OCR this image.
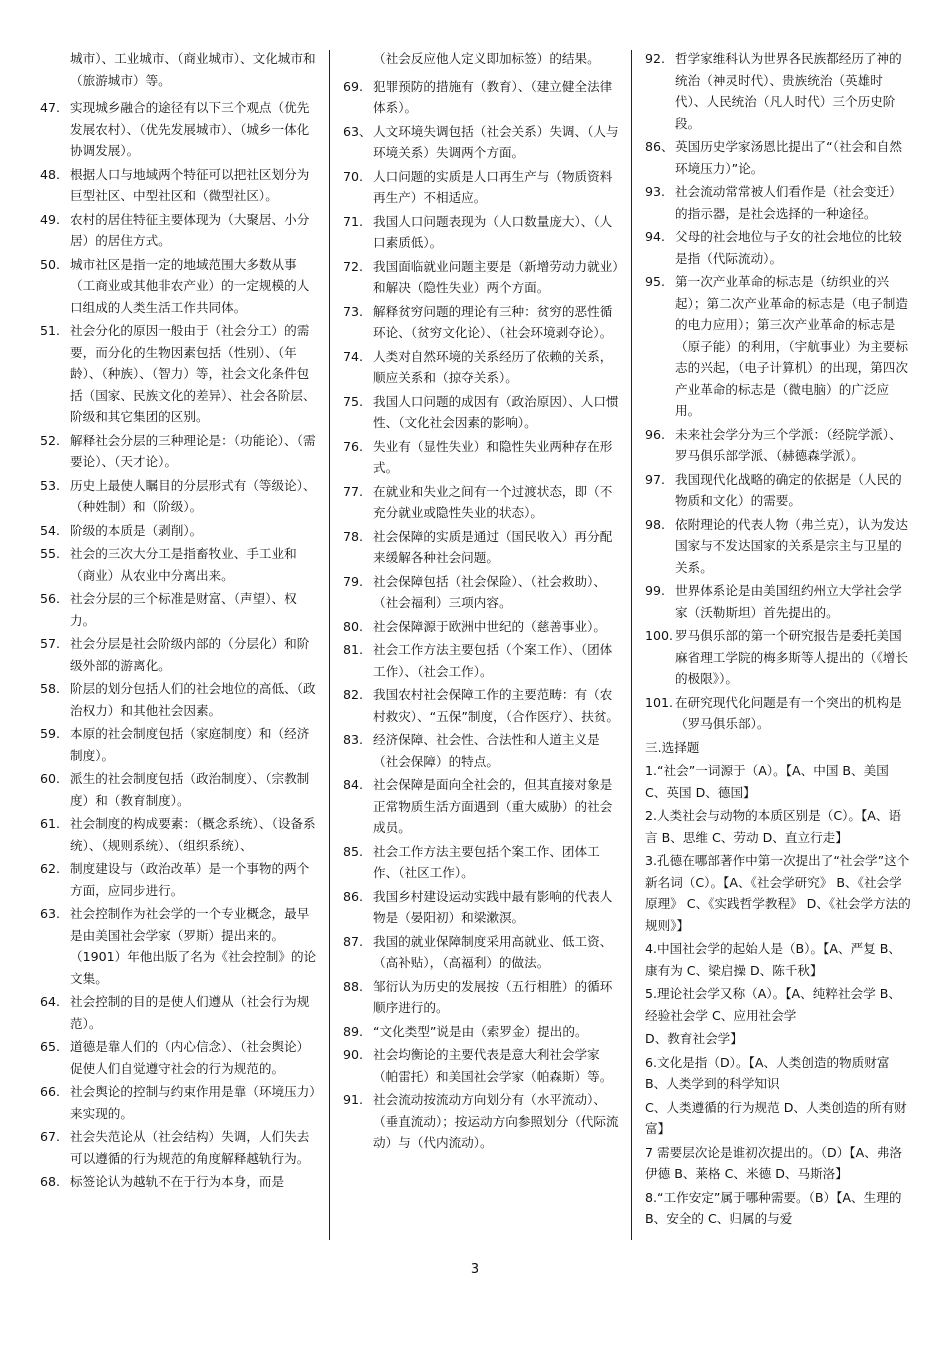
城市）、工业城市、（商业城市）、文化城市和（旅游城市）等。
47. 实现城乡融合的途径有以下三个观点（优先发展农村）、（优先发展城市）、（城乡一体化协调发展）。
48. 根据人口与地域两个特征可以把社区划分为巨型社区、中型社区和（微型社区）。
49. 农村的居住特征主要体现为（大聚居、小分居）的居住方式。
50. 城市社区是指一定的地域范围大多数从事（工商业或其他非农产业）的一定规模的人口组成的人类生活工作共同体。
51. 社会分化的原因一般由于（社会分工）的需要，而分化的生物因素包括（性别）、（年龄）、（种族）、（智力）等，社会文化条件包括（国家、民族文化的差异）、社会各阶层、阶级和其它集团的区别。
52. 解释社会分层的三种理论是：（功能论）、（需要论）、（天才论）。
53. 历史上最使人瞩目的分层形式有（等级论）、（种姓制）和（阶级）。
54. 阶级的本质是（剥削）。
55. 社会的三次大分工是指畜牧业、手工业和（商业）从农业中分离出来。
56. 社会分层的三个标准是财富、（声望）、权力。
57. 社会分层是社会阶级内部的（分层化）和阶级外部的游离化。
58. 阶层的划分包括人们的社会地位的高低、（政治权力）和其他社会因素。
59. 本原的社会制度包括（家庭制度）和（经济制度）。
60. 派生的社会制度包括（政治制度）、（宗教制度）和（教育制度）。
61. 社会制度的构成要素：（概念系统）、（设备系统）、（规则系统）、（组织系统）、
62. 制度建设与（政治改革）是一个事物的两个方面，应同步进行。
63. 社会控制作为社会学的一个专业概念，最早是由美国社会学家（罗斯）提出来的。（1901）年他出版了名为《社会控制》的论文集。
64. 社会控制的目的是使人们遵从（社会行为规范）。
65. 道德是靠人们的（内心信念）、（社会舆论）促使人们自觉遵守社会的行为规范的。
66. 社会舆论的控制与约束作用是靠（环境压力）来实现的。
67. 社会失范论从（社会结构）失调，人们失去可以遵循的行为规范的角度解释越轨行为。
68. 标签论认为越轨不在于行为本身，而是
（社会反应他人定义即加标签）的结果。
69. 犯罪预防的措施有（教育）、（建立健全法律体系）。
63、 人文环境失调包括（社会关系）失调、（人与环境关系）失调两个方面。
70. 人口问题的实质是人口再生产与（物质资料再生产）不相适应。
71. 我国人口问题表现为（人口数量庞大）、（人口素质低）。
72. 我国面临就业问题主要是（新增劳动力就业）和解决（隐性失业）两个方面。
73. 解释贫穷问题的理论有三种：贫穷的恶性循环论、（贫穷文化论）、（社会环境剥夺论）。
74. 人类对自然环境的关系经历了依赖的关系，顺应关系和（掠夺关系）。
75. 我国人口问题的成因有（政治原因）、人口惯性、（文化社会因素的影响）。
76. 失业有（显性失业）和隐性失业两种存在形式。
77. 在就业和失业之间有一个过渡状态，即（不充分就业或隐性失业的状态）。
78. 社会保障的实质是通过（国民收入）再分配来缓解各种社会问题。
79. 社会保障包括（社会保险）、（社会救助）、（社会福利）三项内容。
80. 社会保障源于欧洲中世纪的（慈善事业）。
81. 社会工作方法主要包括（个案工作）、（团体工作）、（社会工作）。
82. 我国农村社会保障工作的主要范畴：有（农村救灾）、“五保”制度，（合作医疗）、扶贫。
83. 经济保障、社会性、合法性和人道主义是（社会保障）的特点。
84. 社会保障是面向全社会的，但其直接对象是正常物质生活方面遇到（重大威胁）的社会成员。
85. 社会工作方法主要包括个案工作、团体工作、（社区工作）。
86. 我国乡村建设运动实践中最有影响的代表人物是（晏阳初）和梁漱溟。
87. 我国的就业保障制度采用高就业、低工资、（高补贴），（高福利）的做法。
88. 邹衍认为历史的发展按（五行相胜）的循环顺序进行的。
89. “文化类型”说是由（索罗金）提出的。
90. 社会均衡论的主要代表是意大利社会学家（帕雷托）和美国社会学家（帕森斯）等。
91. 社会流动按流动方向划分有（水平流动）、（垂直流动）；按运动方向参照划分（代际流动）与（代内流动）。
92. 哲学家维科认为世界各民族都经历了神的统治（神灵时代）、贵族统治（英雄时代）、人民统治（凡人时代）三个历史阶段。
86、 英国历史学家汤恩比提出了“（社会和自然环境压力）”论。
93. 社会流动常常被人们看作是（社会变迁）的指示器，是社会选择的一种途径。
94. 父母的社会地位与子女的社会地位的比较是指（代际流动）。
95. 第一次产业革命的标志是（纺织业的兴起）；第二次产业革命的标志是（电子制造的电力应用）；第三次产业革命的标志是（原子能）的利用，（宇航事业）为主要标志的兴起，（电子计算机）的出现，第四次产业革命的标志是（微电脑）的广泛应用。
96. 未来社会学分为三个学派：（经院学派）、罗马俱乐部学派、（赫德森学派）。
97. 我国现代化战略的确定的依据是（人民的物质和文化）的需要。
98. 依附理论的代表人物（弗兰克），认为发达国家与不发达国家的关系是宗主与卫星的关系。
99. 世界体系论是由美国纽约州立大学社会学家（沃勒斯坦）首先提出的。
100. 罗马俱乐部的第一个研究报告是委托美国麻省理工学院的梅多斯等人提出的（《增长的极限》）。
101. 在研究现代化问题是有一个突出的机构是（罗马俱乐部）。
三.选择题
1.“社会”一词源于（A）。【A、中国 B、美国 C、英国 D、德国】
2.人类社会与动物的本质区别是（C）。【A、语言 B、思维 C、劳动 D、直立行走】
3.孔德在哪部著作中第一次提出了“社会学”这个新名词（C）。【A、《社会学研究》 B、《社会学原理》 C、《实践哲学教程》 D、《社会学方法的规则》】
4.中国社会学的起始人是（B）。【A、严复 B、康有为 C、梁启操 D、陈千秋】
5.理论社会学又称（A）。【A、纯粹社会学 B、经验社会学 C、应用社会学
D、教育社会学】
6.文化是指（D）。【A、人类创造的物质财富 B、人类学到的科学知识
C、人类遵循的行为规范 D、人类创造的所有财富】
7 需要层次论是谁初次提出的。（D）【A、弗洛伊德 B、莱格 C、米德 D、马斯洛】
8.“工作安定”属于哪种需要。（B）【A、生理的 B、安全的 C、归属的与爱
3
